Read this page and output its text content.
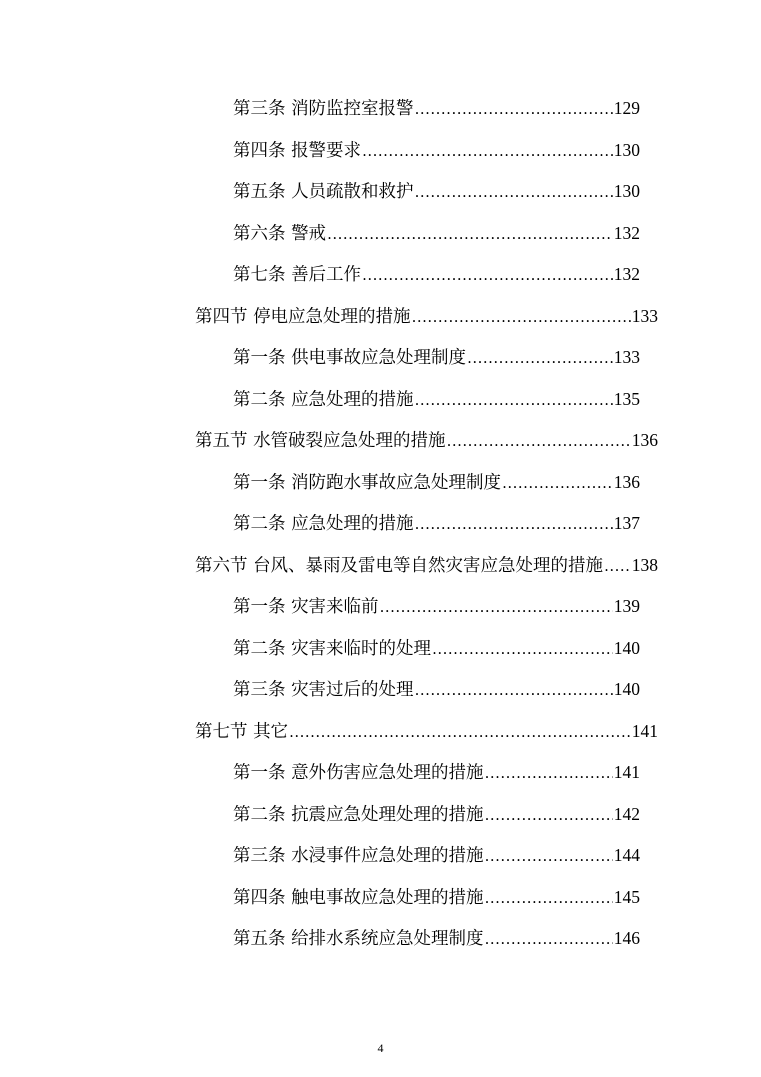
第三条 消防监控室报警 .....	129
第四条 报警要求 .....	130
第五条 人员疏散和救护 .....	130
第六条 警戒 .....	132
第七条 善后工作 .....	132
第四节 停电应急处理的措施 .....	133
第一条 供电事故应急处理制度 .....	133
第二条 应急处理的措施 .....	135
第五节 水管破裂应急处理的措施 .....	136
第一条 消防跑水事故应急处理制度 .....	136
第二条 应急处理的措施 .....	137
第六节 台风、暴雨及雷电等自然灾害应急处理的措施 ..... 138
第一条 灾害来临前 .....	139
第二条 灾害来临时的处理 .....	140
第三条 灾害过后的处理 .....	140
第七节 其它 .....	141
第一条 意外伤害应急处理的措施 .....	141
第二条 抗震应急处理处理的措施 .....	142
第三条 水浸事件应急处理的措施 .....	144
第四条 触电事故应急处理的措施 .....	145
第五条 给排水系统应急处理制度 .....	146
4
